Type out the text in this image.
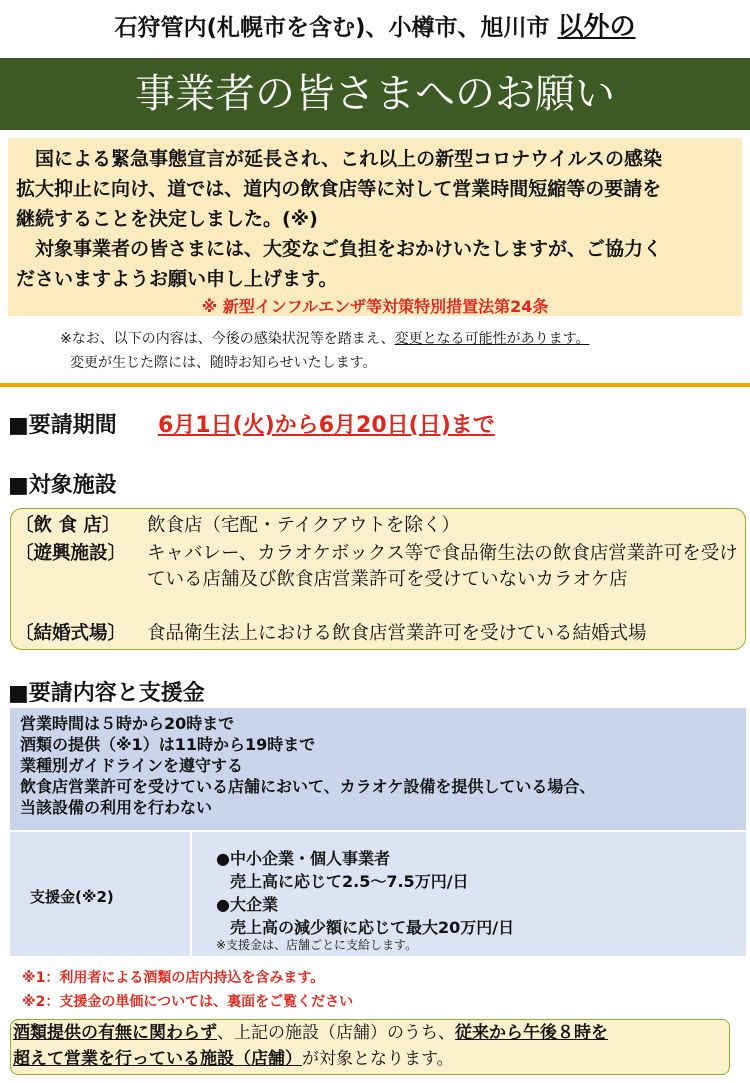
石狩管内(札幌市を含む)、小樽市、旭川市 以外の
事業者の皆さまへのお願い

　国による緊急事態宣言が延長され、これ以上の新型コロナウイルスの感染

拡大抑止に向け、道では、道内の飲食店等に対して営業時間短縮等の要請を

継続することを決定しました。(※)

　対象事業者の皆さまには、大変なご負担をおかけいたしますが、ご協力く

ださいますようお願い申し上げます。

※ 新型インフルエンザ等対策特別措置法第24条

※なお、以下の内容は、今後の感染状況等を踏まえ、変更となる可能性があります。
変更が生じた際には、随時お知らせいたします。
■要請期間 6月1日(火)から6月20日(日)まで
■対象施設
〔飲 食 店〕 飲食店（宅配・テイクアウトを除く）
〔遊興施設〕 キャバレー、カラオケボックス等で食品衛生法の飲食店営業許可を受けている店舗及び飲食店営業許可を受けていないカラオケ店
〔結婚式場〕 食品衛生法上における飲食店営業許可を受けている結婚式場
■要請内容と支援金

営業時間は５時から20時まで

酒類の提供（※1）は11時から19時まで

業種別ガイドラインを遵守する

飲食店営業許可を受けている店舗において、カラオケ設備を提供している場合、

当該設備の利用を行わない

支援金(※2)
●中小企業・個人事業者
売上高に応じて2.5～7.5万円/日
●大企業
売上高の減少額に応じて最大20万円/日
※支援金は、店舗ごとに支給します。
※1：利用者による酒類の店内持込を含みます。
※2：支援金の単価については、裏面をご覧ください

酒類提供の有無に関わらず、上記の施設（店舗）のうち、従来から午後８時を

超えて営業を行っている施設（店舗）が対象となります。
